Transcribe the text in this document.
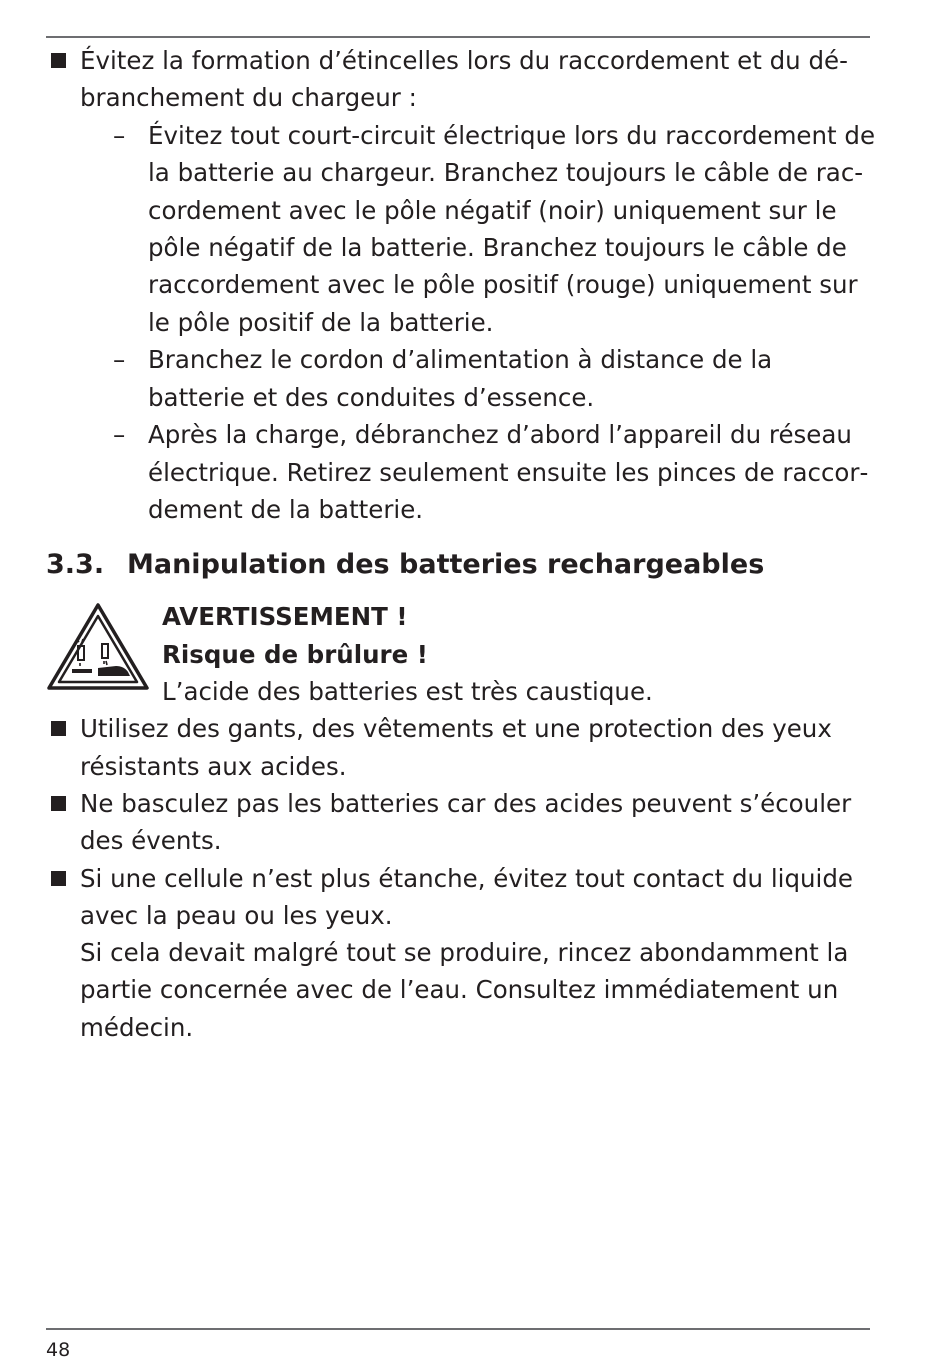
Évitez la formation d’étincelles lors du raccordement et du débranchement du chargeur :

– Évitez tout court-circuit électrique lors du raccordement de la batterie au chargeur. Branchez toujours le câble de raccordement avec le pôle négatif (noir) uniquement sur le pôle négatif de la batterie. Branchez toujours le câble de raccordement avec le pôle positif (rouge) uniquement sur le pôle positif de la batterie.

– Branchez le cordon d’alimentation à distance de la batterie et des conduites d’essence.

– Après la charge, débranchez d’abord l’appareil du réseau électrique. Retirez seulement ensuite les pinces de raccordement de la batterie.

3.3. Manipulation des batteries rechargeables

AVERTISSEMENT !

Risque de brûlure !

L’acide des batteries est très caustique.

Utilisez des gants, des vêtements et une protection des yeux résistants aux acides.

Ne basculez pas les batteries car des acides peuvent s’écouler des évents.

Si une cellule n’est plus étanche, évitez tout contact du liquide avec la peau ou les yeux.

Si cela devait malgré tout se produire, rincez abondamment la partie concernée avec de l’eau. Consultez immédiatement un médecin.

48
